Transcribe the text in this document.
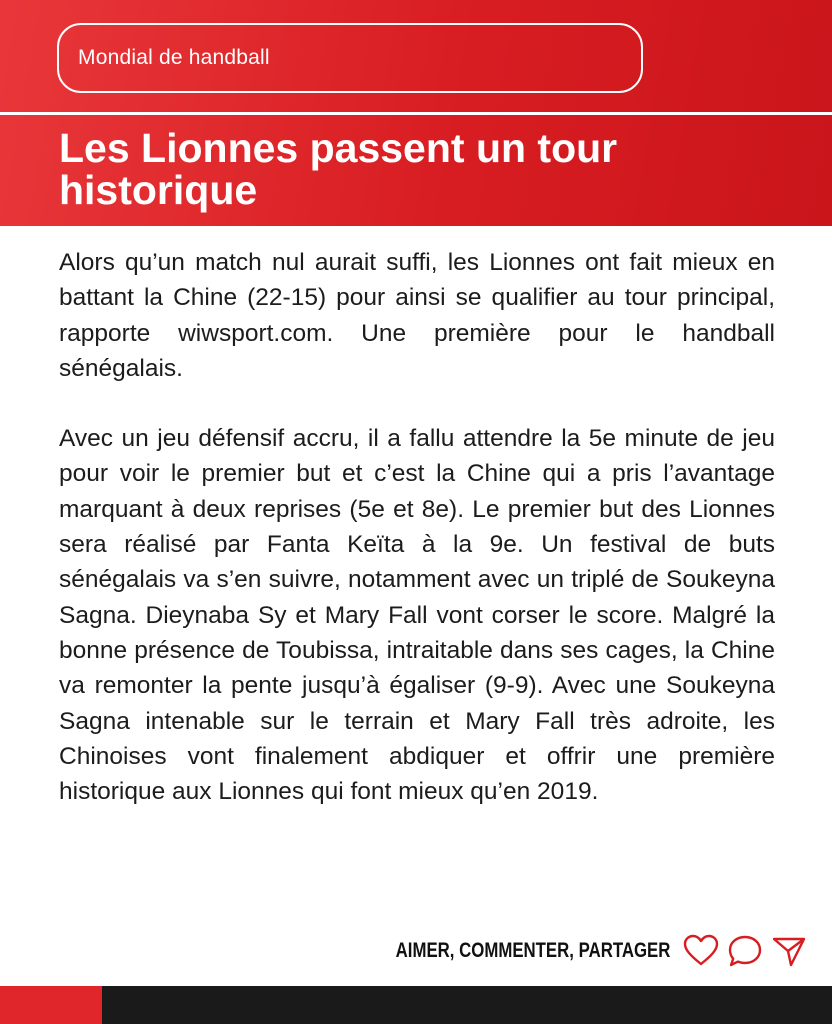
Mondial de handball
Les Lionnes passent un tour historique

Alors qu’un match nul aurait suffi, les Lionnes ont fait mieux en battant la Chine (22-15) pour ainsi se qualifier au tour principal, rapporte wiwsport.com. Une première pour le handball sénégalais.

Avec un jeu défensif accru, il a fallu attendre la 5e minute de jeu pour voir le premier but et c’est la Chine qui a pris l’avantage marquant à deux reprises (5e et 8e). Le premier but des Lionnes sera réalisé par Fanta Keïta à la 9e. Un festival de buts sénégalais va s’en suivre, notamment avec un triplé de Soukeyna Sagna. Dieynaba Sy et Mary Fall vont corser le score. Malgré la bonne présence de Toubissa, intraitable dans ses cages, la Chine va remonter la pente jusqu’à égaliser (9-9). Avec une Soukeyna Sagna intenable sur le terrain et Mary Fall très adroite, les Chinoises vont finalement abdiquer et offrir une première historique aux Lionnes qui font mieux qu’en 2019.

AIMER, COMMENTER, PARTAGER
